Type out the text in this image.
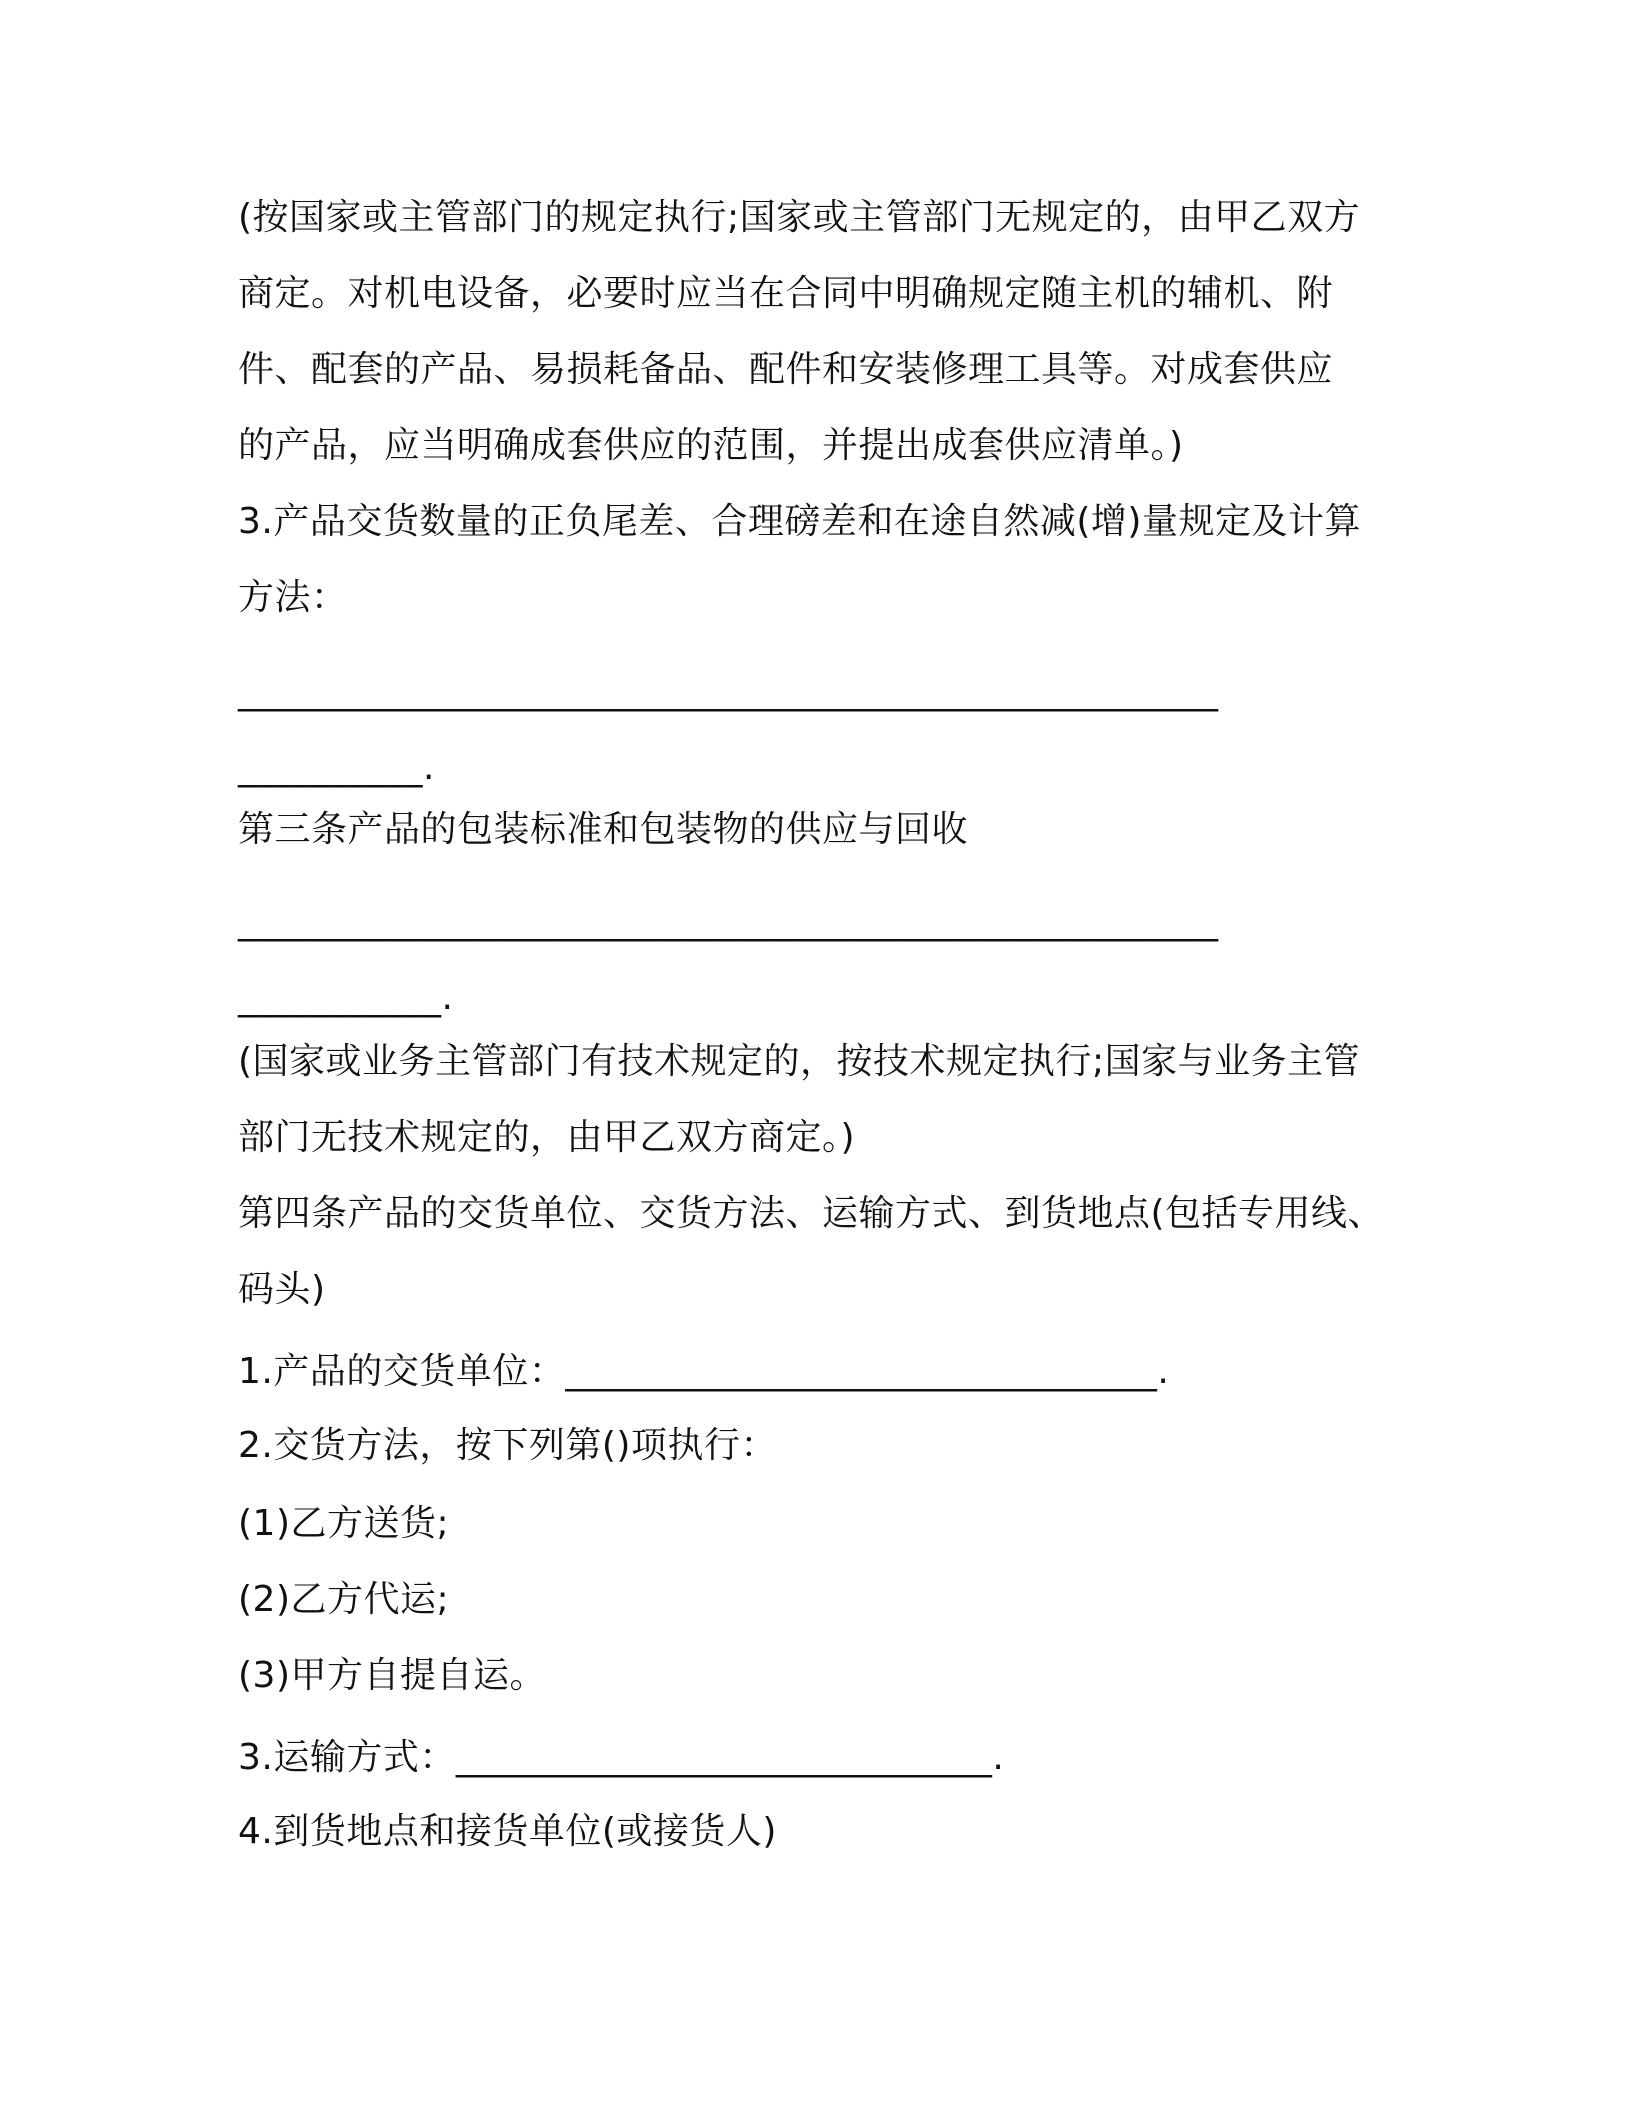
(按国家或主管部门的规定执行;国家或主管部门无规定的，由甲乙双方

商定。对机电设备，必要时应当在合同中明确规定随主机的辅机、附

件、配套的产品、易损耗备品、配件和安装修理工具等。对成套供应

的产品，应当明确成套供应的范围，并提出成套供应清单。)

3.产品交货数量的正负尾差、合理磅差和在途自然减(增)量规定及计算

方法：

_____________________________________________________

__________.

第三条产品的包装标准和包装物的供应与回收

_____________________________________________________

___________.

(国家或业务主管部门有技术规定的，按技术规定执行;国家与业务主管

部门无技术规定的，由甲乙双方商定。)

第四条产品的交货单位、交货方法、运输方式、到货地点(包括专用线、

码头)

1.产品的交货单位：________________________________.

2.交货方法，按下列第()项执行：

(1)乙方送货;

(2)乙方代运;

(3)甲方自提自运。

3.运输方式：_____________________________.

4.到货地点和接货单位(或接货人)
